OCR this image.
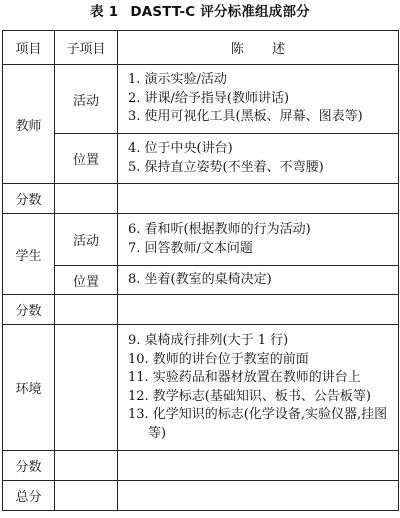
表 1 DASTT-C 评分标准组成部分
项目	子项目	陈述
教师	活动	1. 演示实验/活动
2. 讲课/给予指导(教师讲话)
3. 使用可视化工具(黑板、屏幕、图表等)

	位置	4. 位于中央(讲台)
5. 保持直立姿势(不坐着、不弯腰)

分数		
学生	活动	6. 看和听(根据教师的行为活动)
7. 回答教师/文本问题

	位置	8. 坐着(教室的桌椅决定)

分数		
环境		9. 桌椅成行排列(大于 1 行)
10. 教师的讲台位于教室的前面
11. 实验药品和器材放置在教师的讲台上
12. 教学标志(基础知识、板书、公告板等)
13. 化学知识的标志(化学设备,实验仪器,挂图等)

分数		
总分		
